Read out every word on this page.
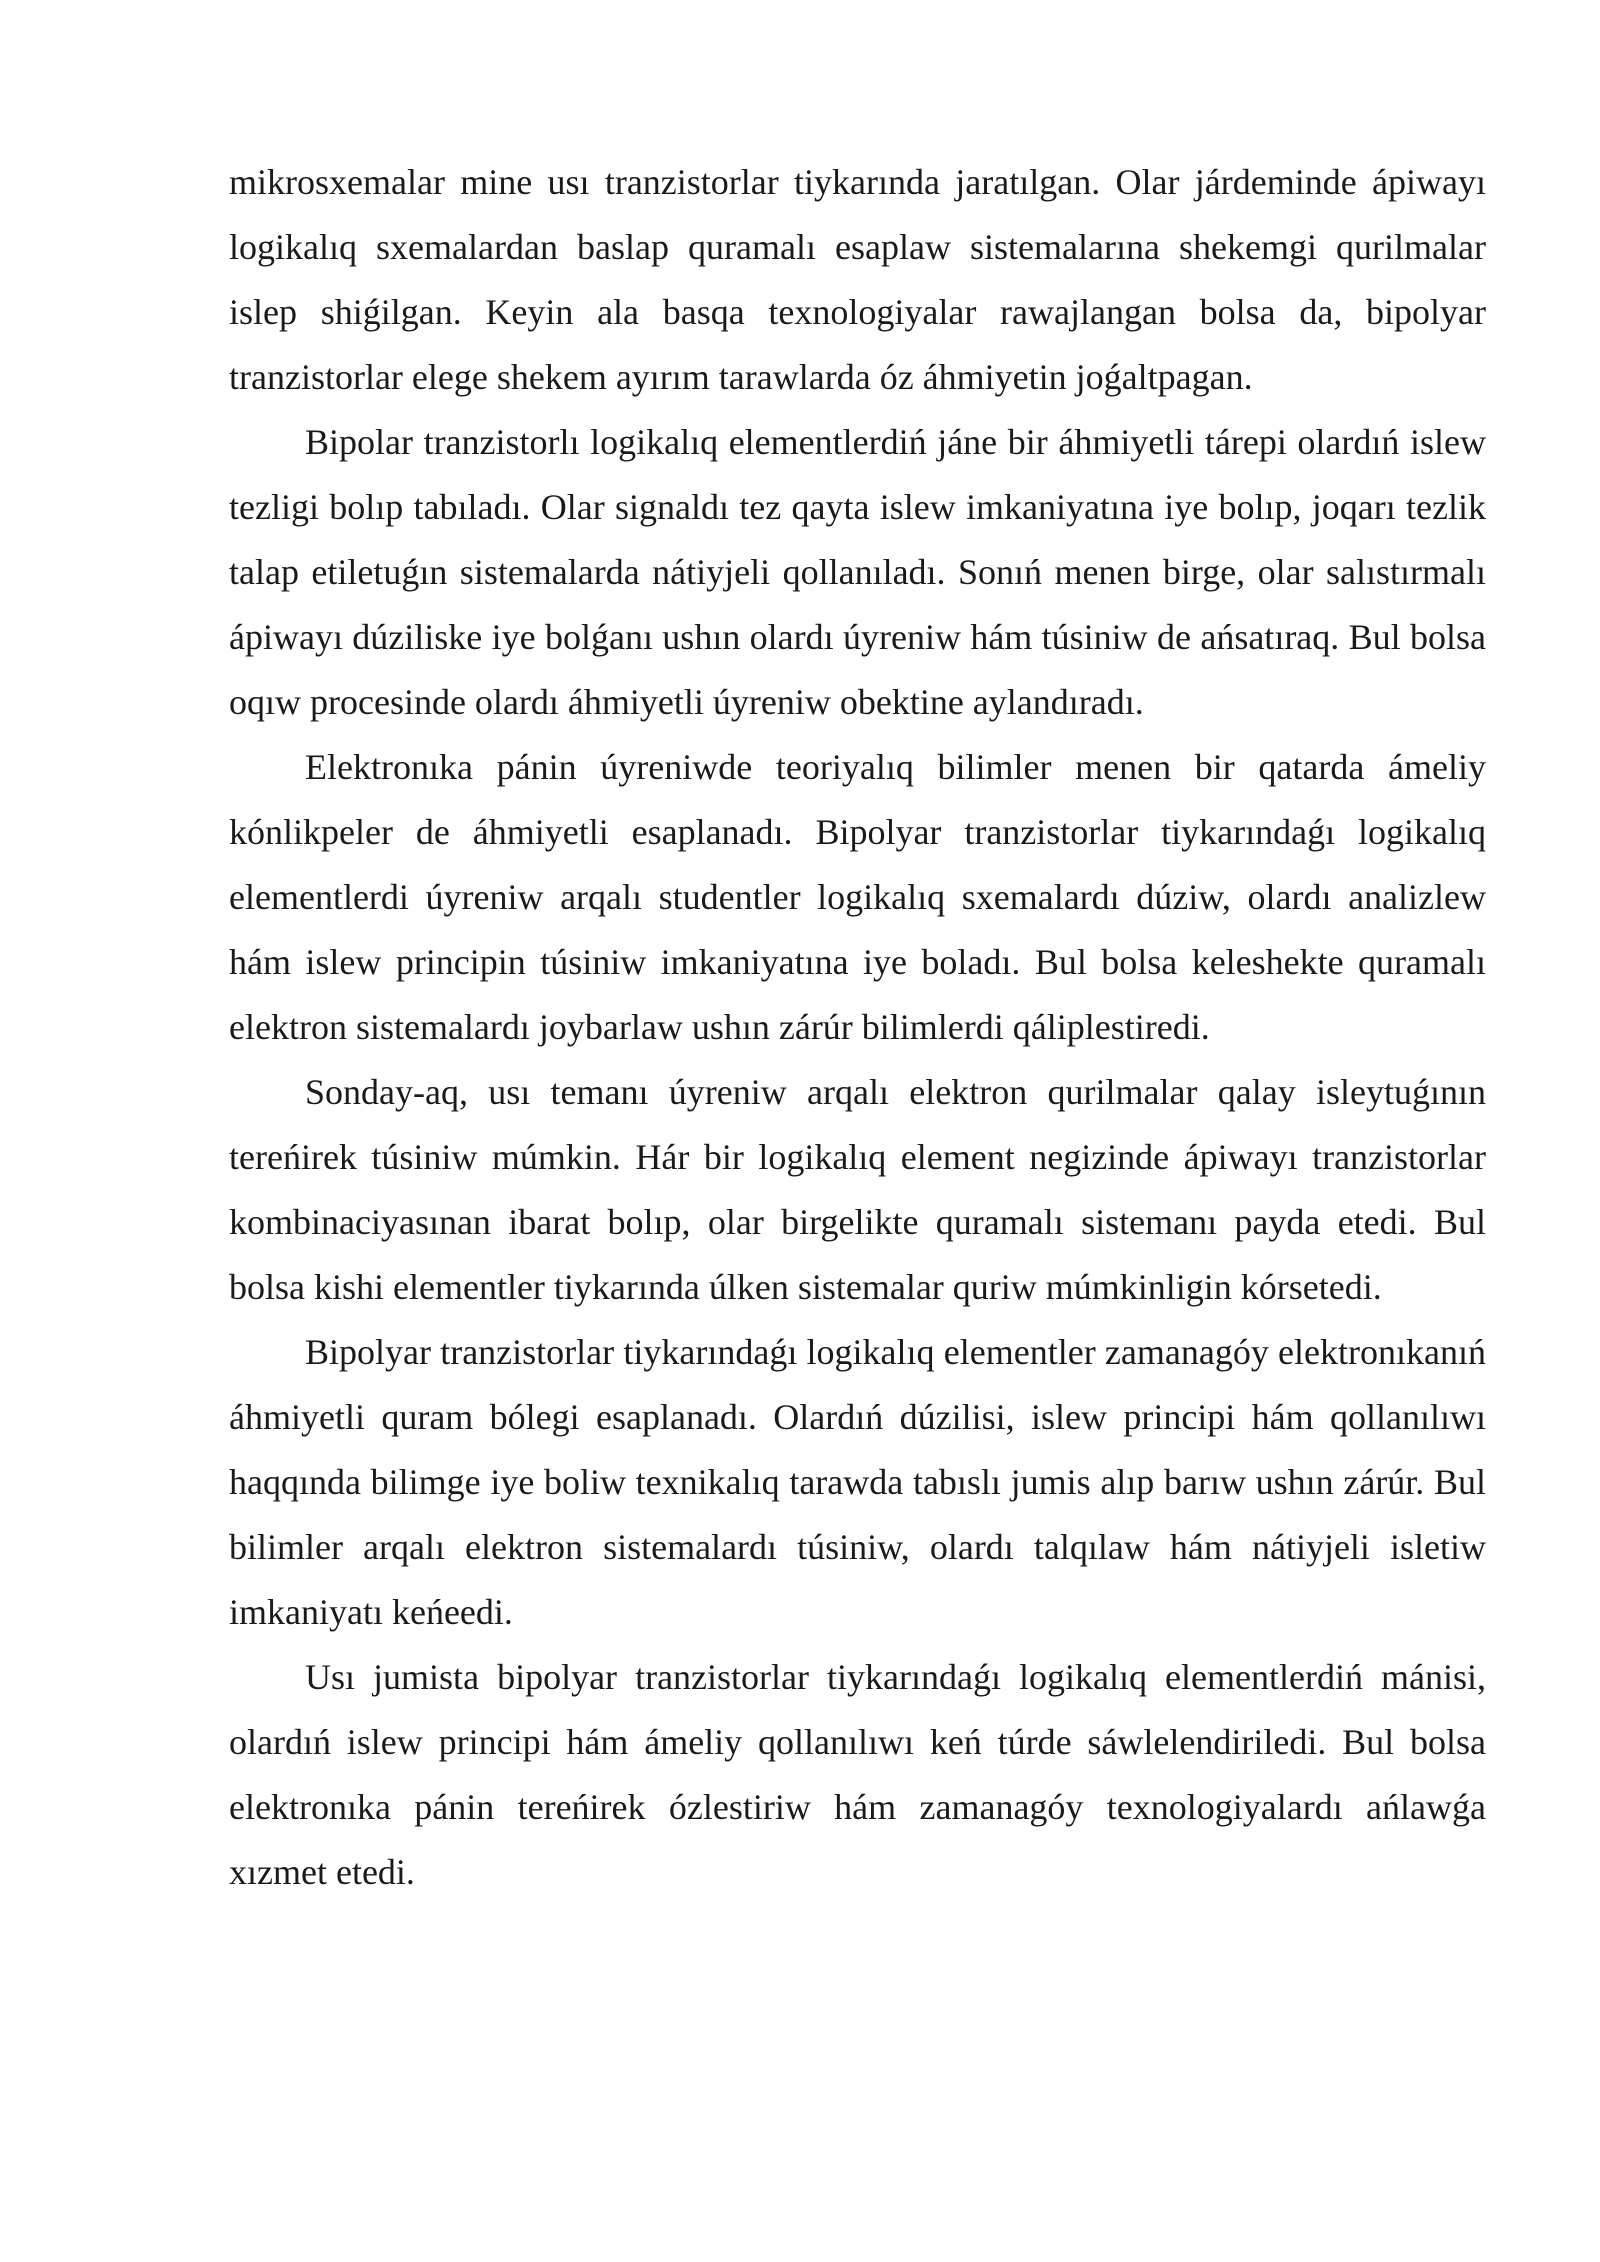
mikrosxemalar mine usı tranzistorlar tiykarında jaratılgan. Olar járdeminde ápiwayı logikalıq sxemalardan baslap quramalı esaplaw sistemalarına shekemgi qurilmalar islep shiǵilgan. Keyin ala basqa texnologiyalar rawajlangan bolsa da, bipolyar tranzistorlar elege shekem ayırım tarawlarda óz áhmiyetin joǵaltpagan.

Bipolar tranzistorlı logikalıq elementlerdiń jáne bir áhmiyetli tárepi olardıń islew tezligi bolıp tabıladı. Olar signaldı tez qayta islew imkaniyatına iye bolıp, joqarı tezlik talap etiletuǵın sistemalarda nátiyjeli qollanıladı. Sonıń menen birge, olar salıstırmalı ápiwayı dúziliske iye bolǵanı ushın olardı úyreniw hám túsiniw de ańsatıraq. Bul bolsa oqıw procesinde olardı áhmiyetli úyreniw obektine aylandıradı.

Elektronıka pánin úyreniwde teoriyalıq bilimler menen bir qatarda ámeliy kónlikpeler de áhmiyetli esaplanadı. Bipolyar tranzistorlar tiykarındaǵı logikalıq elementlerdi úyreniw arqalı studentler logikalıq sxemalardı dúziw, olardı analizlew hám islew principin túsiniw imkaniyatına iye boladı. Bul bolsa keleshekte quramalı elektron sistemalardı joybarlaw ushın zárúr bilimlerdi qáliplestiredi.

Sonday-aq, usı temanı úyreniw arqalı elektron qurilmalar qalay isleytuǵının tereńirek túsiniw múmkin. Hár bir logikalıq element negizinde ápiwayı tranzistorlar kombinaciyasınan ibarat bolıp, olar birgelikte quramalı sistemanı payda etedi. Bul bolsa kishi elementler tiykarında úlken sistemalar quriw múmkinligin kórsetedi.

Bipolyar tranzistorlar tiykarındaǵı logikalıq elementler zamanagóy elektronıkanıń áhmiyetli quram bólegi esaplanadı. Olardıń dúzilisi, islew principi hám qollanılıwı haqqında bilimge iye boliw texnikalıq tarawda tabıslı jumis alıp barıw ushın zárúr. Bul bilimler arqalı elektron sistemalardı túsiniw, olardı talqılaw hám nátiyjeli isletiw imkaniyatı keńeedi.

Usı jumista bipolyar tranzistorlar tiykarındaǵı logikalıq elementlerdiń mánisi, olardıń islew principi hám ámeliy qollanılıwı keń túrde sáwlelendiriledi. Bul bolsa elektronıka pánin tereńirek ózlestiriw hám zamanagóy texnologiyalardı ańlawǵa xızmet etedi.
